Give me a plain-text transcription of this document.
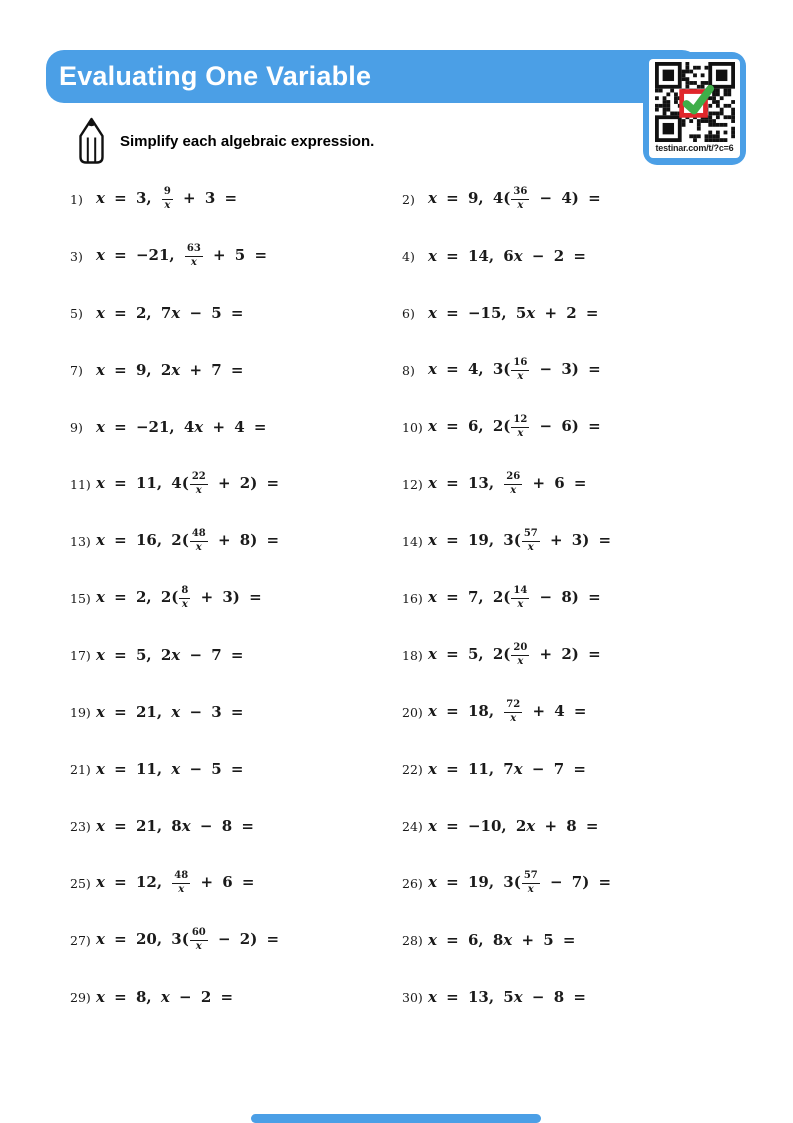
Evaluating One Variable
testinar.com/t/?c=6
Simplify each algebraic expression.
1) x = 3, $\frac{9}{x} + 3$ =	2) x = 9, $4( \frac{36}{x} - 4)$ =
3) x = −21, $\frac{63}{x} + 5$ =	4) x = 14, 6x − 2 =
5) x = 2, 7x − 5 =	6) x = −15, 5x + 2 =
7) x = 9, 2x + 7 =	8) x = 4, $3( \frac{16}{x} - 3)$ =
9) x = −21, 4x + 4 =	10) x = 6, $2( \frac{12}{x} - 6)$ =
11) x = 11, $4( \frac{22}{x} + 2)$ =	12) x = 13, $\frac{26}{x} + 6$ =
13) x = 16, $2( \frac{48}{x} + 8)$ =	14) x = 19, $3( \frac{57}{x} + 3)$ =
15) x = 2, $2( \frac{8}{x} + 3)$ =	16) x = 7, $2( \frac{14}{x} - 8)$ =
17) x = 5, 2x − 7 =	18) x = 5, $2( \frac{20}{x} + 2)$ =
19) x = 21, x − 3 =	20) x = 18, $\frac{72}{x} + 4$ =
21) x = 11, x − 5 =	22) x = 11, 7x − 7 =
23) x = 21, 8x − 8 =	24) x = −10, 2x + 8 =
25) x = 12, $\frac{48}{x} + 6$ =	26) x = 19, $3( \frac{57}{x} - 7)$ =
27) x = 20, $3( \frac{60}{x} - 2)$ =	28) x = 6, 8x + 5 =
29) x = 8, x − 2 =	30) x = 13, 5x − 8 =
